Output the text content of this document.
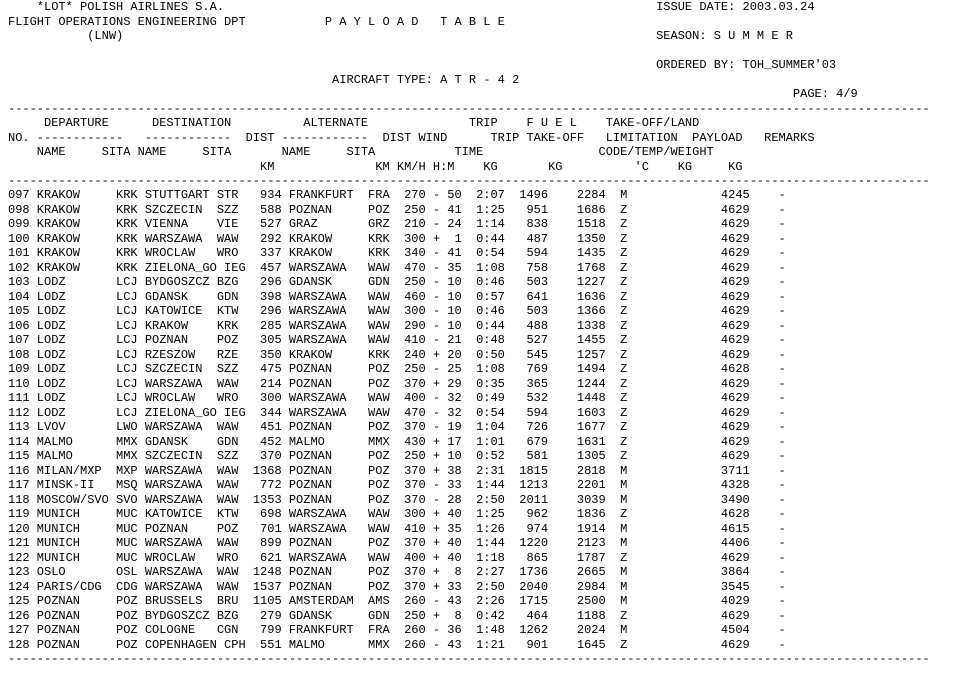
*LOT* POLISH AIRLINES S.A.                                                            ISSUE DATE: 2003.03.24
FLIGHT OPERATIONS ENGINEERING DPT           P A Y L O A D   T A B L E
(LNW)                                                                          SEASON: S U M M E R
ORDERED BY: TOH_SUMMER'03
AIRCRAFT TYPE: A T R - 4 2
PAGE: 4/9
--------------------------------------------------------------------------------------------------------------------------------
DEPARTURE      DESTINATION          ALTERNATE              TRIP    F U E L    TAKE-OFF/LAND
NO. ------------   ------------  DIST ------------  DIST WIND      TRIP TAKE-OFF   LIMITATION  PAYLOAD   REMARKS
NAME     SITA NAME     SITA       NAME     SITA           TIME                CODE/TEMP/WEIGHT
KM              KM KM/H H:M    KG       KG          'C    KG     KG
--------------------------------------------------------------------------------------------------------------------------------
097 KRAKOW     KRK STUTTGART STR   934 FRANKFURT  FRA  270 - 50  2:07  1496    2284  M             4245    -
098 KRAKOW     KRK SZCZECIN  SZZ   588 POZNAN     POZ  250 - 41  1:25   951    1686  Z             4629    -
099 KRAKOW     KRK VIENNA    VIE   527 GRAZ       GRZ  210 - 24  1:14   838    1518  Z             4629    -
100 KRAKOW     KRK WARSZAWA  WAW   292 KRAKOW     KRK  300 +  1  0:44   487    1350  Z             4629    -
101 KRAKOW     KRK WROCLAW   WRO   337 KRAKOW     KRK  340 - 41  0:54   594    1435  Z             4629    -
102 KRAKOW     KRK ZIELONA_GO IEG  457 WARSZAWA   WAW  470 - 35  1:08   758    1768  Z             4629    -
103 LODZ       LCJ BYDGOSZCZ BZG   296 GDANSK     GDN  250 - 10  0:46   503    1227  Z             4629    -
104 LODZ       LCJ GDANSK    GDN   398 WARSZAWA   WAW  460 - 10  0:57   641    1636  Z             4629    -
105 LODZ       LCJ KATOWICE  KTW   296 WARSZAWA   WAW  300 - 10  0:46   503    1366  Z             4629    -
106 LODZ       LCJ KRAKOW    KRK   285 WARSZAWA   WAW  290 - 10  0:44   488    1338  Z             4629    -
107 LODZ       LCJ POZNAN    POZ   305 WARSZAWA   WAW  410 - 21  0:48   527    1455  Z             4629    -
108 LODZ       LCJ RZESZOW   RZE   350 KRAKOW     KRK  240 + 20  0:50   545    1257  Z             4629    -
109 LODZ       LCJ SZCZECIN  SZZ   475 POZNAN     POZ  250 - 25  1:08   769    1494  Z             4628    -
110 LODZ       LCJ WARSZAWA  WAW   214 POZNAN     POZ  370 + 29  0:35   365    1244  Z             4629    -
111 LODZ       LCJ WROCLAW   WRO   300 WARSZAWA   WAW  400 - 32  0:49   532    1448  Z             4629    -
112 LODZ       LCJ ZIELONA_GO IEG  344 WARSZAWA   WAW  470 - 32  0:54   594    1603  Z             4629    -
113 LVOV       LWO WARSZAWA  WAW   451 POZNAN     POZ  370 - 19  1:04   726    1677  Z             4629    -
114 MALMO      MMX GDANSK    GDN   452 MALMO      MMX  430 + 17  1:01   679    1631  Z             4629    -
115 MALMO      MMX SZCZECIN  SZZ   370 POZNAN     POZ  250 + 10  0:52   581    1305  Z             4629    -
116 MILAN/MXP  MXP WARSZAWA  WAW  1368 POZNAN     POZ  370 + 38  2:31  1815    2818  M             3711    -
117 MINSK-II   MSQ WARSZAWA  WAW   772 POZNAN     POZ  370 - 33  1:44  1213    2201  M             4328    -
118 MOSCOW/SVO SVO WARSZAWA  WAW  1353 POZNAN     POZ  370 - 28  2:50  2011    3039  M             3490    -
119 MUNICH     MUC KATOWICE  KTW   698 WARSZAWA   WAW  300 + 40  1:25   962    1836  Z             4628    -
120 MUNICH     MUC POZNAN    POZ   701 WARSZAWA   WAW  410 + 35  1:26   974    1914  M             4615    -
121 MUNICH     MUC WARSZAWA  WAW   899 POZNAN     POZ  370 + 40  1:44  1220    2123  M             4406    -
122 MUNICH     MUC WROCLAW   WRO   621 WARSZAWA   WAW  400 + 40  1:18   865    1787  Z             4629    -
123 OSLO       OSL WARSZAWA  WAW  1248 POZNAN     POZ  370 +  8  2:27  1736    2665  M             3864    -
124 PARIS/CDG  CDG WARSZAWA  WAW  1537 POZNAN     POZ  370 + 33  2:50  2040    2984  M             3545    -
125 POZNAN     POZ BRUSSELS  BRU  1105 AMSTERDAM  AMS  260 - 43  2:26  1715    2500  M             4029    -
126 POZNAN     POZ BYDGOSZCZ BZG   279 GDANSK     GDN  250 +  8  0:42   464    1188  Z             4629    -
127 POZNAN     POZ COLOGNE   CGN   799 FRANKFURT  FRA  260 - 36  1:48  1262    2024  M             4504    -
128 POZNAN     POZ COPENHAGEN CPH  551 MALMO      MMX  260 - 43  1:21   901    1645  Z             4629    -
--------------------------------------------------------------------------------------------------------------------------------
